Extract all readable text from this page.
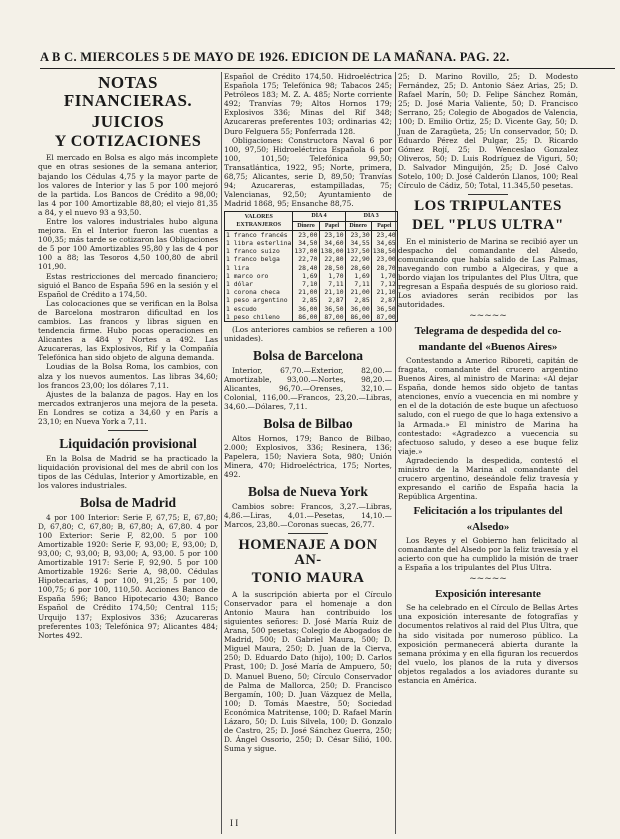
A B C. MIERCOLES 5 DE MAYO DE 1926. EDICION DE LA MAÑANA. PAG. 22.
NOTAS FINANCIERAS.
JUICIOS
Y COTIZACIONES

El mercado en Bolsa es algo más incomplete que en otras sesiones de la semana anterior, bajando los Cédulas 4,75 y la mayor parte de los valores de Interior y las 5 por 100 mejoró de la partida. Los Bancos de Crédito a 98,00; las 4 por 100 Amortizable 88,80; el viejo 81,35 a 84, y el nuevo 93 a 93,50.

Entre los valores industriales hubo alguna mejora. En el Interior fueron las cuentas a 100,35; más tarde se cotizaron las Obligaciones de 5 por 100 Amortizables 95,80 y las de 4 por 100 a 88; las Tesoros 4,50 100,80 de abril 101,90.

Estas restricciones del mercado financiero; siguió el Banco de España 596 en la sesión y el Español de Crédito a 174,50.

Las colocaciones que se verifican en la Bolsa de Barcelona mostraron dificultad en los cambios. Las francos y libras siguen en tendencia firme. Hubo pocas operaciones en Alicantes a 484 y Nortes a 492. Las Azucareras, las Explosivos, Rif y la Compañía Telefónica han sido objeto de alguna demanda.

Loudias de la Bolsa Roma, los cambios, con alza y los nuevos aumentos. Las libras 34,60; los francos 23,00; los dólares 7,11.

Ajustes de la balanza de pagos. Hay en los mercados extranjeros una mejora de la peseta. En Londres se cotiza a 34,60 y en París a 23,10; en Nueva York a 7,11.

Liquidación provisional

En la Bolsa de Madrid se ha practicado la liquidación provisional del mes de abril con los tipos de las Cédulas, Interior y Amortizable, en los valores industriales.

Bolsa de Madrid

4 por 100 Interior: Serie F, 67,75; E, 67,80; D, 67,80; C, 67,80; B, 67,80; A, 67,80. 4 por 100 Exterior: Serie F, 82,00. 5 por 100 Amortizable 1920: Serie F, 93,00; E, 93,00; D, 93,00; C, 93,00; B, 93,00; A, 93,00. 5 por 100 Amortizable 1917: Serie F, 92,90. 5 por 100 Amortizable 1926: Serie A, 98,00. Cédulas Hipotecarias, 4 por 100, 91,25; 5 por 100, 100,75; 6 por 100, 110,50. Acciones Banco de España 596; Banco Hipotecario 430; Banco Español de Crédito 174,50; Central 115; Urquijo 137; Explosivos 336; Azucareras preferentes 103; Telefónica 97; Alicantes 484; Nortes 492.

Español de Crédito 174,50. Hidroeléctrica Española 175; Telefónica 98; Tabacos 245; Petróleos 183; M. Z. A. 485; Norte corriente 492; Tranvías 79; Altos Hornos 179; Explosivos 336; Minas del Rif 348; Azucareras preferentes 103; ordinarias 42; Duro Felguera 55; Ponferrada 128.

Obligaciones: Constructora Naval 6 por 100, 97,50; Hidroeléctrica Española 6 por 100, 101,50; Telefónica 99,50; Transatlántica, 1922, 95; Norte, primera, 68,75; Alicantes, serie D, 89,50; Tranvías 94; Azucareras, estampilladas, 75; Valencianas, 92,50; Ayuntamiento de Madrid 1868, 95; Ensanche 88,75.

VALORES EXTRANJEROS	DÍA 4		DÍA 3	
	Dinero	Papel	Dinero	Papel
1 franco francés	23,00	23,10	23,30	23,40
1 libra esterlina	34,50	34,60	34,55	34,65
1 franco suizo	137,00	138,00	137,50	138,50
1 franco belga	22,70	22,80	22,90	23,00
1 lira	28,40	28,50	28,60	28,70
1 marco oro	1,69	1,70	1,69	1,70
1 dólar	7,10	7,11	7,11	7,12
1 corona checa	21,00	21,10	21,00	21,10
1 peso argentino	2,85	2,87	2,85	2,87
1 escudo	36,00	36,50	36,00	36,50
1 peso chileno	86,00	87,00	86,00	87,00

(Los anteriores cambios se refieren a 100 unidades).

Bolsa de Barcelona

Interior, 67,70.—Exterior, 82,00.—Amortizable, 93,00.—Nortes, 98,20.—Alicantes, 96,70.—Orenses, 32,10.—Colonial, 116,00.—Francos, 23,20.—Libras, 34,60.—Dólares, 7,11.

Bolsa de Bilbao

Altos Hornos, 179; Banco de Bilbao, 2.000; Explosivos, 336; Resinera, 136; Papelera, 150; Naviera Sota, 980; Unión Minera, 470; Hidroeléctrica, 175; Nortes, 492.

Bolsa de Nueva York

Cambios sobre: Francos, 3,27.—Libras, 4,86.—Liras, 4,01.—Pesetas, 14,10.—Marcos, 23,80.—Coronas suecas, 26,77.

HOMENAJE A DON AN-
TONIO MAURA

A la suscripción abierta por el Círculo Conservador para el homenaje a don Antonio Maura han contribuido los siguientes señores: D. José María Ruiz de Arana, 500 pesetas; Colegio de Abogados de Madrid, 500; D. Gabriel Maura, 500; D. Miguel Maura, 250; D. Juan de la Cierva, 250; D. Eduardo Dato (hijo), 100; D. Carlos Prast, 100; D. José María de Ampuero, 50; D. Manuel Bueno, 50; Círculo Conservador de Palma de Mallorca, 250; D. Francisco Bergamín, 100; D. Juan Vázquez de Mella, 100; D. Tomás Maestre, 50; Sociedad Económica Matritense, 100; D. Rafael Marín Lázaro, 50; D. Luis Silvela, 100; D. Gonzalo de Castro, 25; D. José Sánchez Guerra, 250; D. Ángel Ossorio, 250; D. César Silió, 100. Suma y sigue.

25; D. Marino Rovillo, 25; D. Modesto Fernández, 25; D. Antonio Sáez Arias, 25; D. Rafael Marín, 50; D. Felipe Sánchez Román, 25; D. José Maria Valiente, 50; D. Francisco Serrano, 25; Colegio de Abogados de Valencia, 100; D. Emilio Ortiz, 25; D. Vicente Gay, 50; D. Juan de Zaragüeta, 25; Un conservador, 50; D. Eduardo Pérez del Pulgar, 25; D. Ricardo Gómez Rojí, 25; D. Wenceslao Gonzalez Oliveros, 50; D. Luis Rodríguez de Viguri, 50; D. Salvador Minguijón, 25; D. José Calvo Sotelo, 100; D. José Calderón Llanos, 100; Real Círculo de Cádiz, 50; Total, 11.345,50 pesetas.

LOS TRIPULANTES
DEL "PLUS ULTRA"

En el ministerio de Marina se recibió ayer un despacho del comandante del Alsedo, comunicando que había salido de Las Palmas, navegando con rumbo a Algeciras, y que a bordo viajan los tripulantes del Plus Ultra, que regresan a España después de su glorioso raid. Los aviadores serán recibidos por las autoridades.

~~~~~
Telegrama de despedida del co-
mandante del «Buenos Aires»

Contestando a Americo Riboreti, capitán de fragata, comandante del crucero argentino Buenos Aires, al ministro de Marina: «Al dejar España, donde hemos sido objeto de tantas atenciones, envío a vuecencia en mi nombre y en el de la dotación de este buque un afectuoso saludo, con el ruego de que lo haga extensivo a la Armada.» El ministro de Marina ha contestado: «Agradezco a vuecencia su afectuoso saludo, y deseo a ese buque feliz viaje.»

Agradeciendo la despedida, contestó el ministro de la Marina al comandante del crucero argentino, deseándole feliz travesía y expresando el cariño de España hacia la República Argentina.

Felicitación a los tripulantes del
«Alsedo»

Los Reyes y el Gobierno han felicitado al comandante del Alsedo por la feliz travesía y el acierto con que ha cumplido la misión de traer a España a los tripulantes del Plus Ultra.

~~~~~
Exposición interesante

Se ha celebrado en el Círculo de Bellas Artes una exposición interesante de fotografías y documentos relativos al raid del Plus Ultra, que ha sido visitada por numeroso público. La exposición permanecerá abierta durante la semana próxima y en ella figuran los recuerdos del vuelo, los planos de la ruta y diversos objetos regalados a los aviadores durante su estancia en América.

I I
